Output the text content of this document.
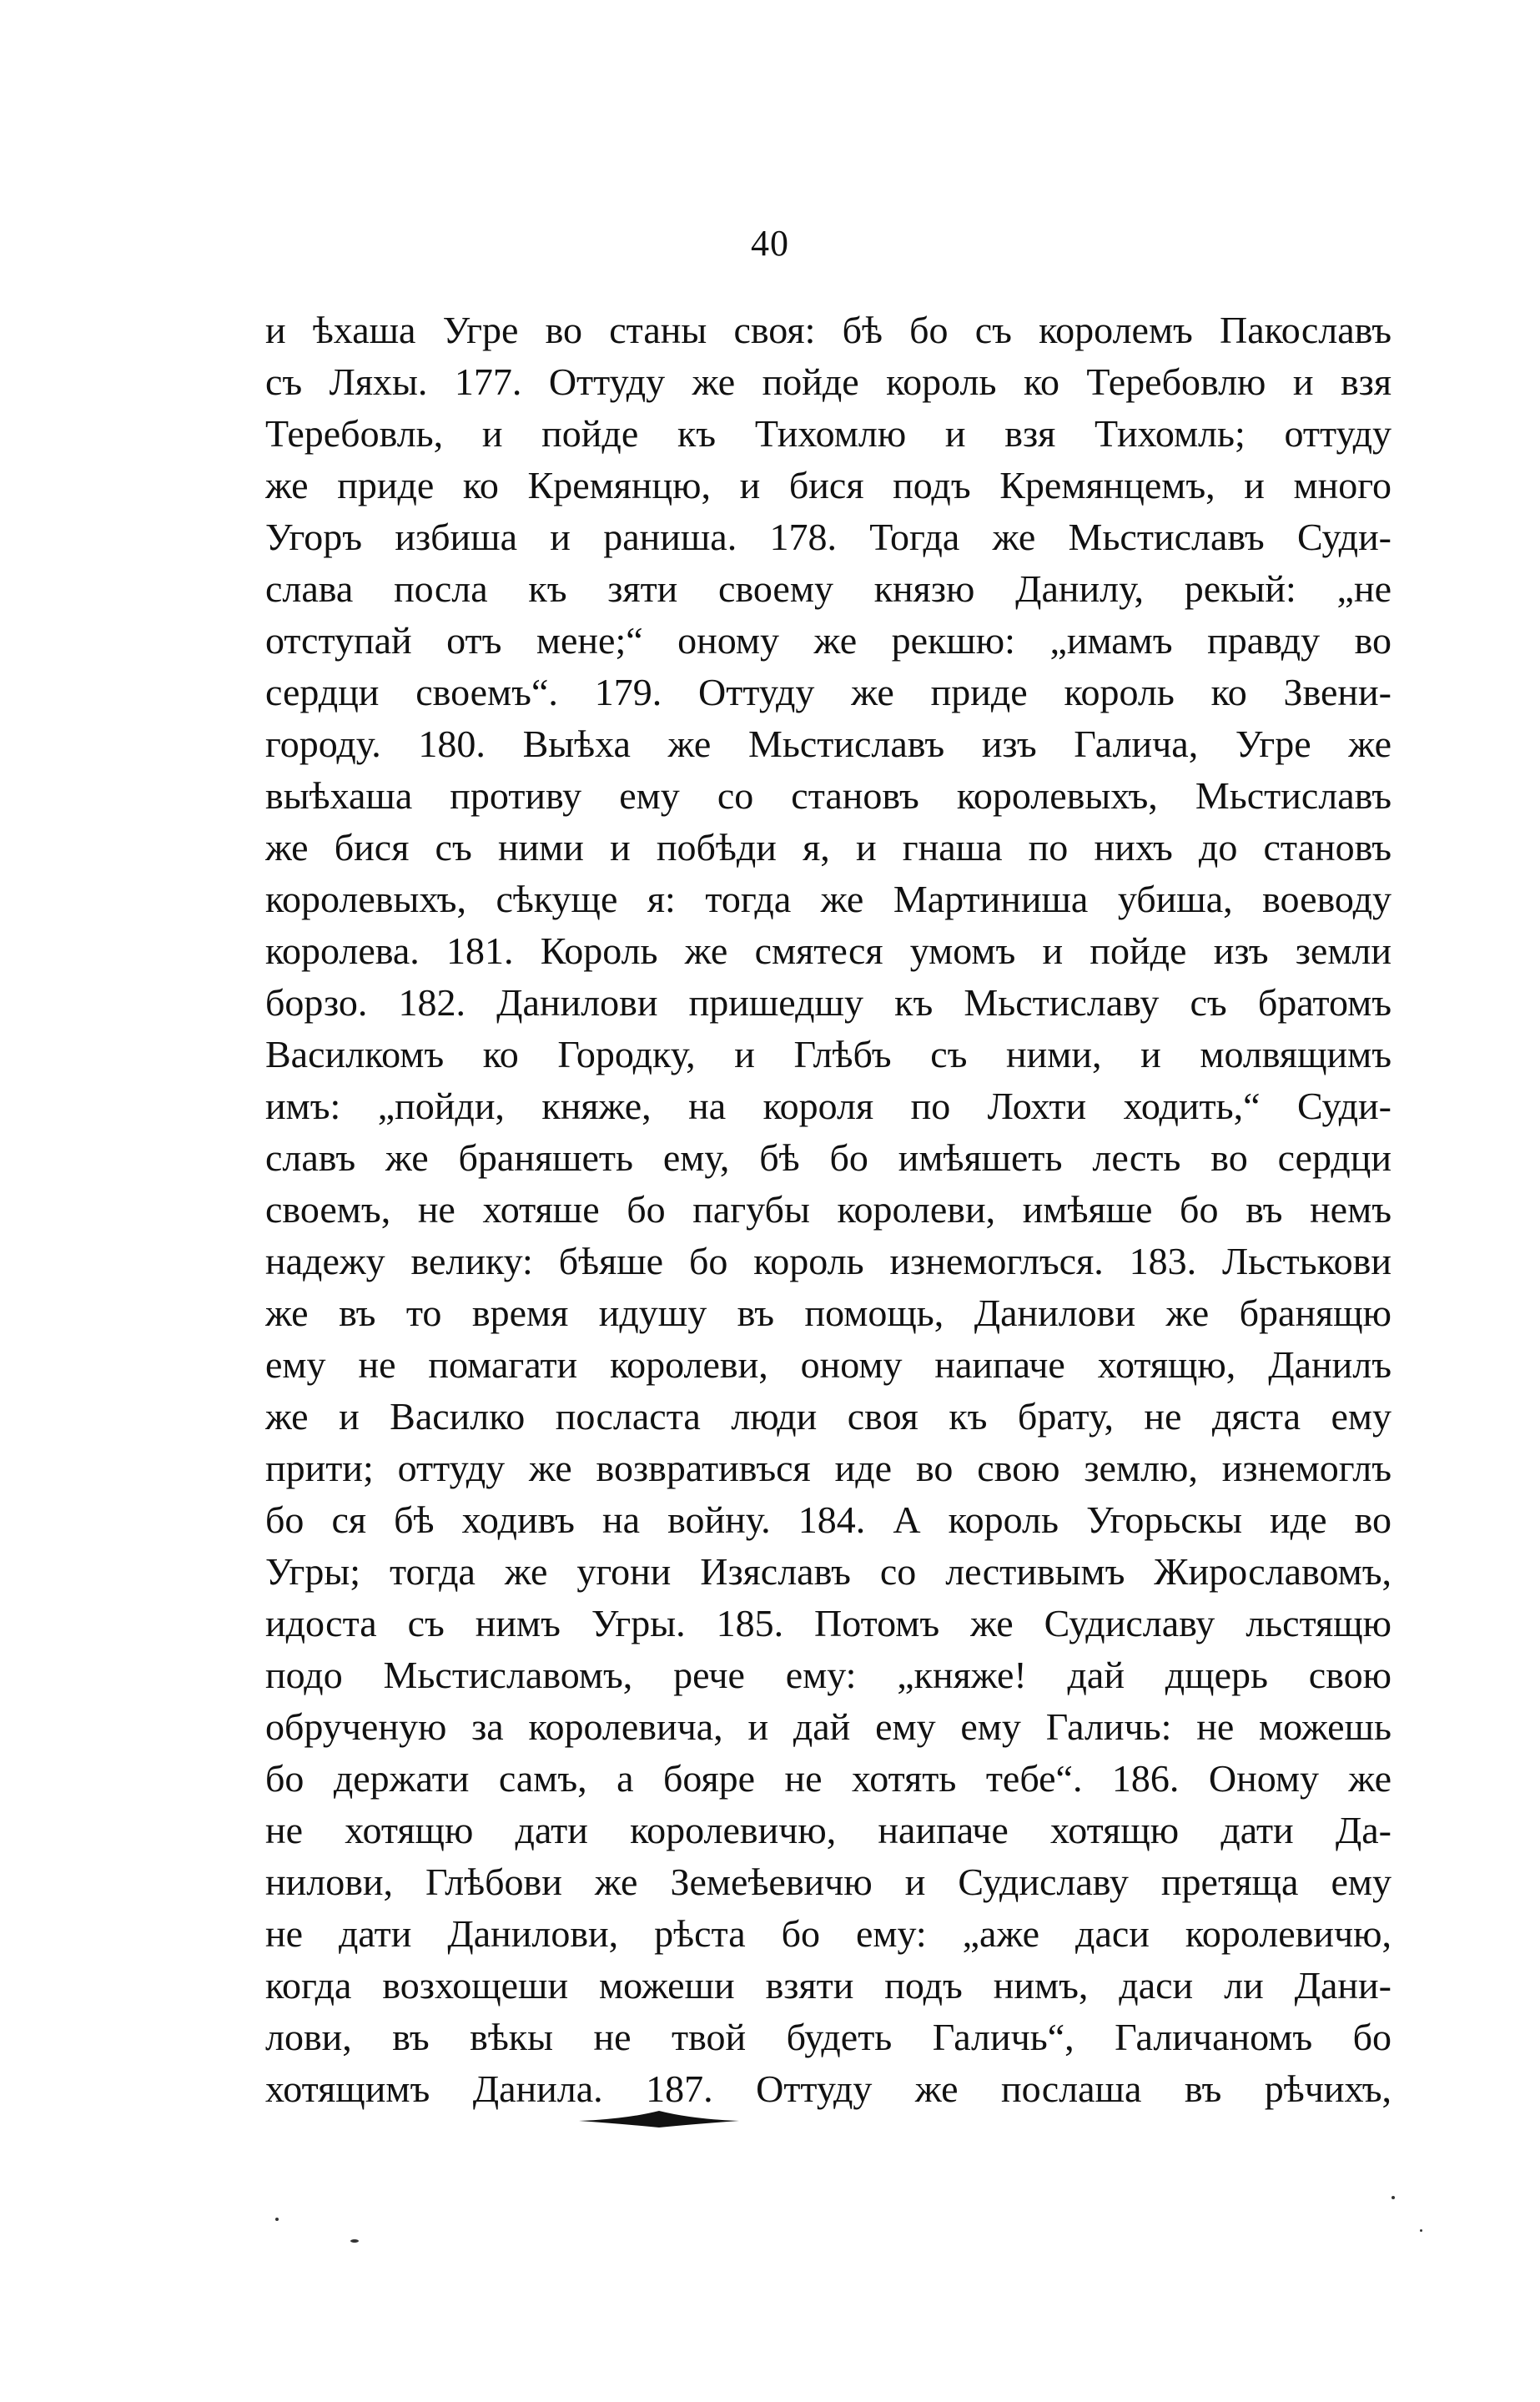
40
и ѣхаша Угре во станы своя: бѣ бо съ королемъ Пакославъ
съ Ляхы. 177. Оттуду же пойде король ко Теребовлю и взя
Теребовль, и пойде къ Тихомлю и взя Тихомль; оттуду
же приде ко Кремянцю, и бися подъ Кремянцемъ, и много
Угоръ избиша и раниша. 178. Тогда же Мьстиславъ Суди-
слава посла къ зяти своему князю Данилу, рекый: „не
отступай отъ мене;“ оному же рекшю: „имамъ правду во
сердци своемъ“. 179. Оттуду же приде король ко Звени-
городу. 180. Выѣха же Мьстиславъ изъ Галича, Угре же
выѣхаша противу ему со становъ королевыхъ, Мьстиславъ
же бися съ ними и побѣди я, и гнаша по нихъ до становъ
королевыхъ, сѣкуще я: тогда же Мартиниша убиша, воеводу
королева. 181. Король же смятеся умомъ и пойде изъ земли
борзо. 182. Данилови пришедшу къ Мьстиславу съ братомъ
Василкомъ ко Городку, и Глѣбъ съ ними, и молвящимъ
имъ: „пойди, княже, на короля по Лохти ходить,“ Суди-
славъ же браняшеть ему, бѣ бо имѣяшеть лесть во сердци
своемъ, не хотяше бо пагубы королеви, имѣяше бо въ немъ
надежу велику: бѣяше бо король изнемоглъся. 183. Льстькови
же въ то время идушу въ помощь, Данилови же бранящю
ему не помагати королеви, оному наипаче хотящю, Данилъ
же и Василко посласта люди своя къ брату, не дяста ему
прити; оттуду же возвративъся иде во свою землю, изнемоглъ
бо ся бѣ ходивъ на войну. 184. А король Угорьскы иде во
Угры; тогда же угони Изяславъ со лестивымъ Жирославомъ,
идоста съ нимъ Угры. 185. Потомъ же Судиславу льстящю
подо Мьстиславомъ, рече ему: „княже! дай дщерь свою
обрученую за королевича, и дай ему ему Галичь: не можешь
бо держати самъ, а бояре не хотять тебе“. 186. Оному же
не хотящю дати королевичю, наипаче хотящю дати Да-
нилови, Глѣбови же Земеѣевичю и Судиславу претяща ему
не дати Данилови, рѣста бо ему: „аже даси королевичю,
когда возхощеши можеши взяти подъ нимъ, даси ли Дани-
лови, въ вѣкы не твой будеть Галичь“, Галичаномъ бо
хотящимъ Данила. 187. Оттуду же послаша въ рѣчихъ,
